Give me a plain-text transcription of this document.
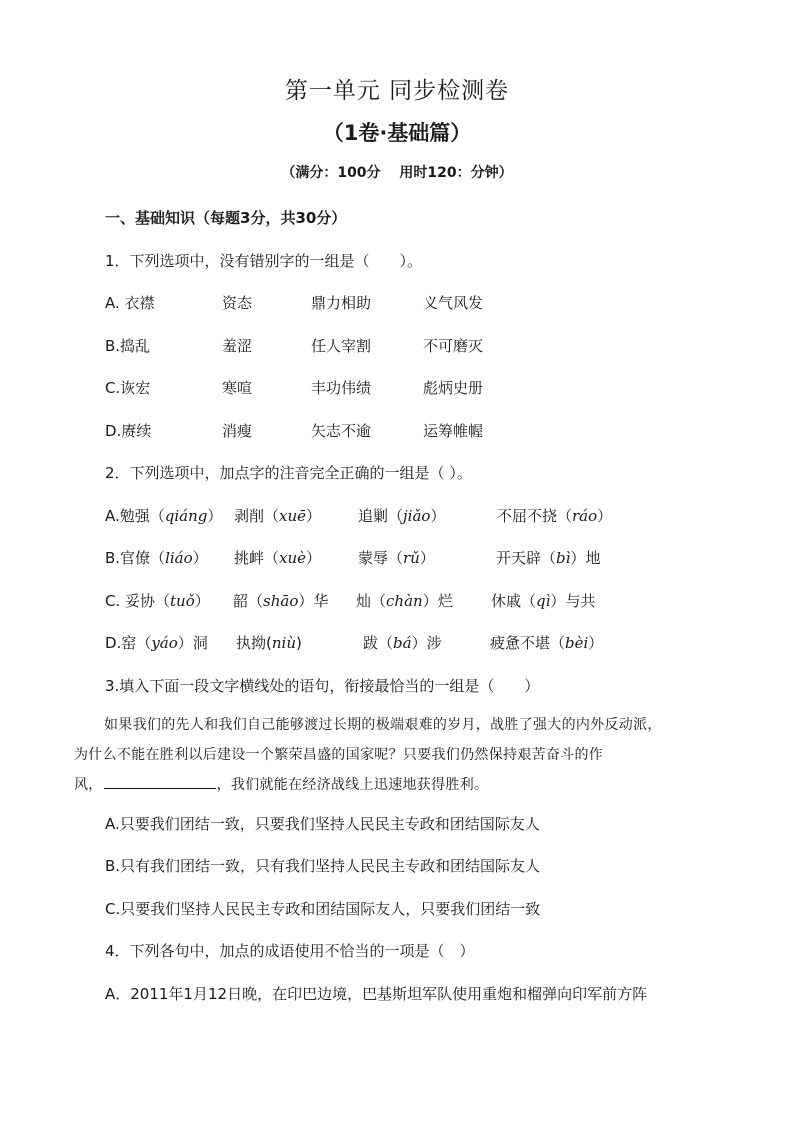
第一单元 同步检测卷
（1卷·基础篇）
（满分：100分　 用时120：分钟）
一、基础知识（每题3分，共30分）
1．下列选项中，没有错别字的一组是（　　）。
A. 衣襟	资态	鼎力相助	义气风发
B.捣乱	羞涩	任人宰割	不可磨灭
C.诙宏	寒喧	丰功伟绩	彪炳史册
D.赓续	消瘦	矢志不逾	运筹帷幄
2．下列选项中，加点字的注音完全正确的一组是（ ）。
A.勉强（qiáng） 剥削（xuē） 追剿（jiǎo）	不屈不挠（ráo）
B.官僚（liáo） 挑衅（xuè） 蒙辱（rǔ）	开天辟（bì）地
C. 妥协（tuǒ） 韶（shāo）华 灿（chàn）烂	休戚（qì）与共
D.窑（yáo）洞 执拗(niù)	跋（bá）涉	疲惫不堪（bèi）
3.填入下面一段文字横线处的语句，衔接最恰当的一组是（　　）
如果我们的先人和我们自己能够渡过长期的极端艰难的岁月，战胜了强大的内外反动派，
为什么不能在胜利以后建设一个繁荣昌盛的国家呢？只要我们仍然保持艰苦奋斗的作
风，	，我们就能在经济战线上迅速地获得胜利。
A.只要我们团结一致，只要我们坚持人民民主专政和团结国际友人
B.只有我们团结一致，只有我们坚持人民民主专政和团结国际友人
C.只要我们坚持人民民主专政和团结国际友人，只要我们团结一致
4．下列各句中，加点的成语使用不恰当的一项是（　）
A．2011年1月12日晚，在印巴边境，巴基斯坦军队使用重炮和榴弹向印军前方阵
